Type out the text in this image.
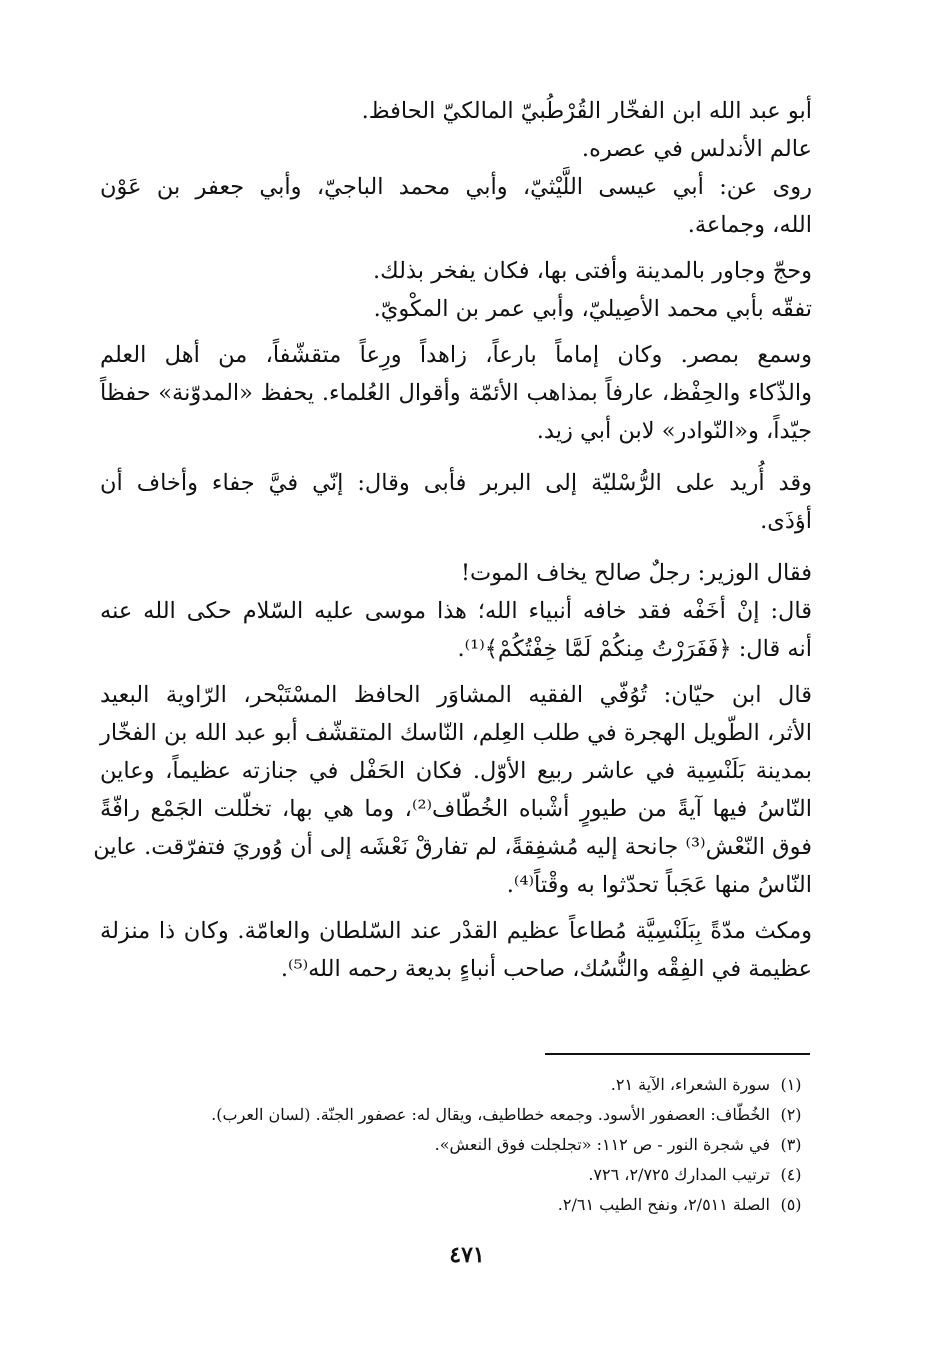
أبو عبد الله ابن الفخّار القُرْطُبيّ المالكيّ الحافظ.
عالم الأندلس في عصره.
روى عن: أبي عيسى اللَّيْثيّ، وأبي محمد الباجيّ، وأبي جعفر بن عَوْن
الله، وجماعة.
وحجّ وجاور بالمدينة وأفتى بها، فكان يفخر بذلك.
تفقّه بأبي محمد الأصِيليّ، وأبي عمر بن المكْويّ.
وسمع بمصر. وكان إماماً بارعاً، زاهداً ورِعاً متقشّفاً، من أهل العلم
والذّكاء والحِفْظ، عارفاً بمذاهب الأئمّة وأقوال العُلماء. يحفظ «المدوّنة» حفظاً
جيّداً، و«النّوادر» لابن أبي زيد.
وقد أُريد على الرُّسْليّة إلى البربر فأبى وقال: إنّي فيَّ جفاء وأخاف أن
أؤذَى.
فقال الوزير: رجلٌ صالح يخاف الموت!
قال: إنْ أخَفْه فقد خافه أنبياء الله؛ هذا موسى عليه السّلام حكى الله عنه
أنه قال: ﴿فَفَرَرْتُ مِنكُمْ لَمَّا خِفْتُكُمْ﴾⁽¹⁾.
قال ابن حيّان: تُوُفّي الفقيه المشاوَر الحافظ المسْتَبْحر، الرّاوية البعيد
الأثر، الطّويل الهجرة في طلب العِلم، النّاسك المتقشّف أبو عبد الله بن الفخّار
بمدينة بَلَنْسِية في عاشر ربيع الأوّل. فكان الحَفْل في جنازته عظيماً، وعاين
النّاسُ فيها آيةً من طيورٍ أشْباه الخُطّاف⁽²⁾، وما هي بها، تخلّلت الجَمْع رافّةً
فوق النّعْش⁽³⁾ جانحة إليه مُشفِقةً، لم تفارقْ نَعْشَه إلى أن وُوريَ فتفرّقت. عاين
النّاسُ منها عَجَباً تحدّثوا به وقْتاً⁽⁴⁾.
ومكث مدّةً بِبَلَنْسِيَّة مُطاعاً عظيم القدْر عند السّلطان والعامّة. وكان ذا منزلة
عظيمة في الفِقْه والنُّسُك، صاحب أنباءٍ بديعة رحمه الله⁽⁵⁾.
(١)
سورة الشعراء، الآية ٢١.
(٢)
الخُطّاف: العصفور الأسود. وجمعه خطاطيف، ويقال له: عصفور الجنّة. (لسان العرب).
(٣)
في شجرة النور - ص ١١٢: «تجلجلت فوق النعش».
(٤)
ترتيب المدارك ٢/٧٢٥، ٧٢٦.
(٥)
الصلة ٢/٥١١، ونفح الطيب ٢/٦١.
٤٧١
